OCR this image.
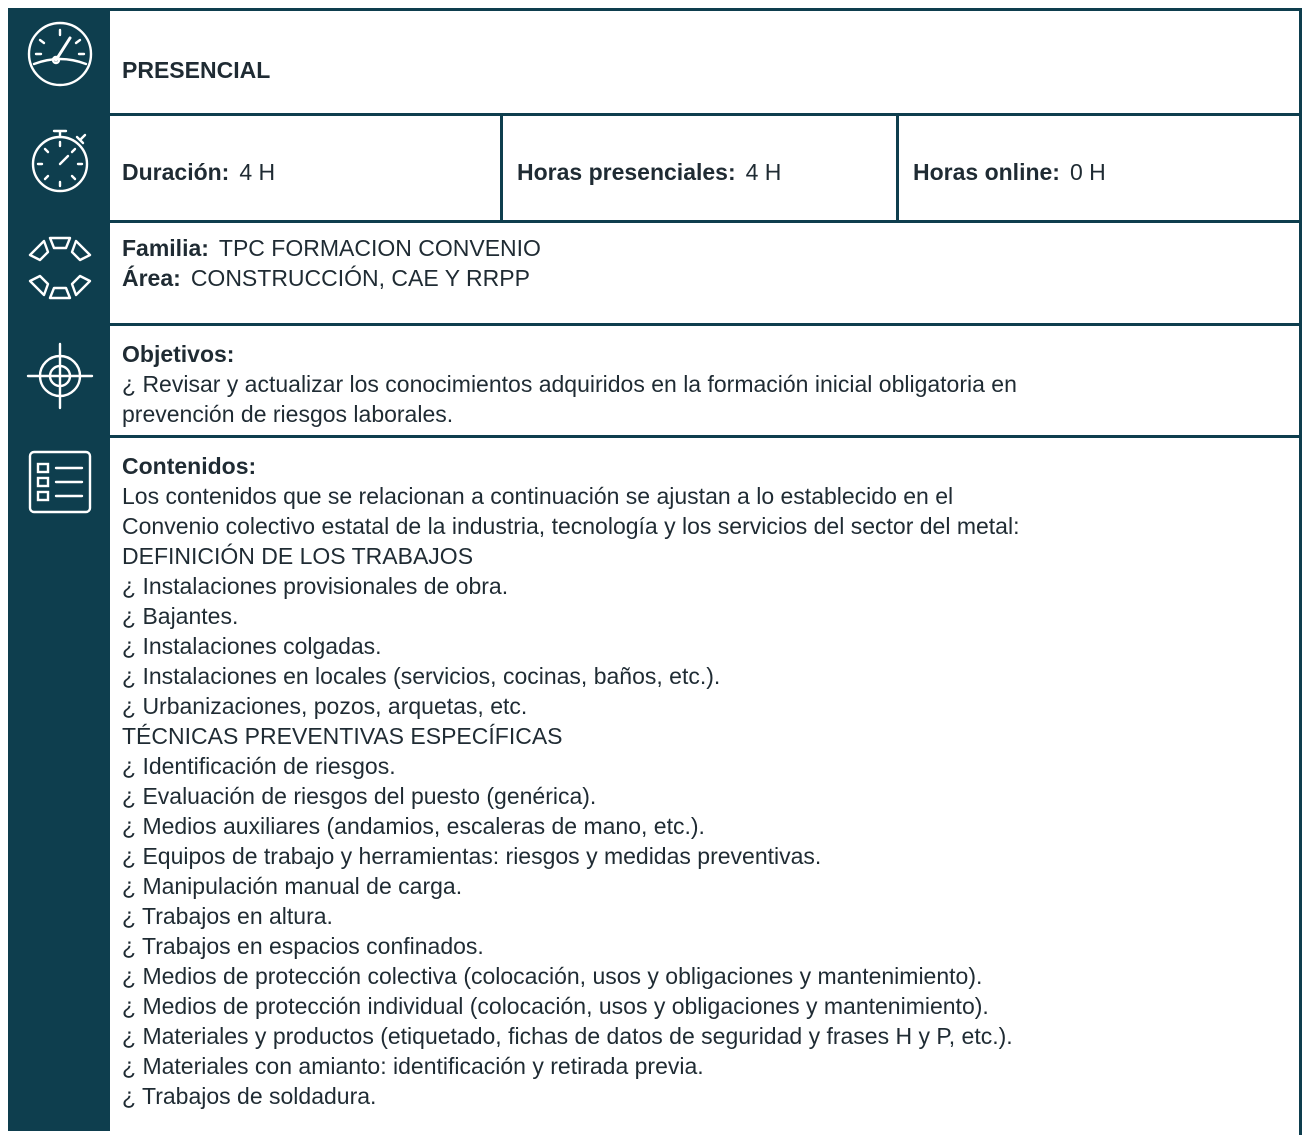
PRESENCIAL
Duración: 4 H	Horas presenciales: 4 H	Horas online: 0 H
Familia: TPC FORMACION CONVENIO
Área: CONSTRUCCIÓN, CAE Y RRPP
Objetivos:

¿ Revisar y actualizar los conocimientos adquiridos en la formación inicial obligatoria en

prevención de riesgos laborales.

Contenidos:

Los contenidos que se relacionan a continuación se ajustan a lo establecido en el

Convenio colectivo estatal de la industria, tecnología y los servicios del sector del metal:

DEFINICIÓN DE LOS TRABAJOS

¿ Instalaciones provisionales de obra.

¿ Bajantes.

¿ Instalaciones colgadas.

¿ Instalaciones en locales (servicios, cocinas, baños, etc.).

¿ Urbanizaciones, pozos, arquetas, etc.

TÉCNICAS PREVENTIVAS ESPECÍFICAS

¿ Identificación de riesgos.

¿ Evaluación de riesgos del puesto (genérica).

¿ Medios auxiliares (andamios, escaleras de mano, etc.).

¿ Equipos de trabajo y herramientas: riesgos y medidas preventivas.

¿ Manipulación manual de carga.

¿ Trabajos en altura.

¿ Trabajos en espacios confinados.

¿ Medios de protección colectiva (colocación, usos y obligaciones y mantenimiento).

¿ Medios de protección individual (colocación, usos y obligaciones y mantenimiento).

¿ Materiales y productos (etiquetado, fichas de datos de seguridad y frases H y P, etc.).

¿ Materiales con amianto: identificación y retirada previa.

¿ Trabajos de soldadura.
